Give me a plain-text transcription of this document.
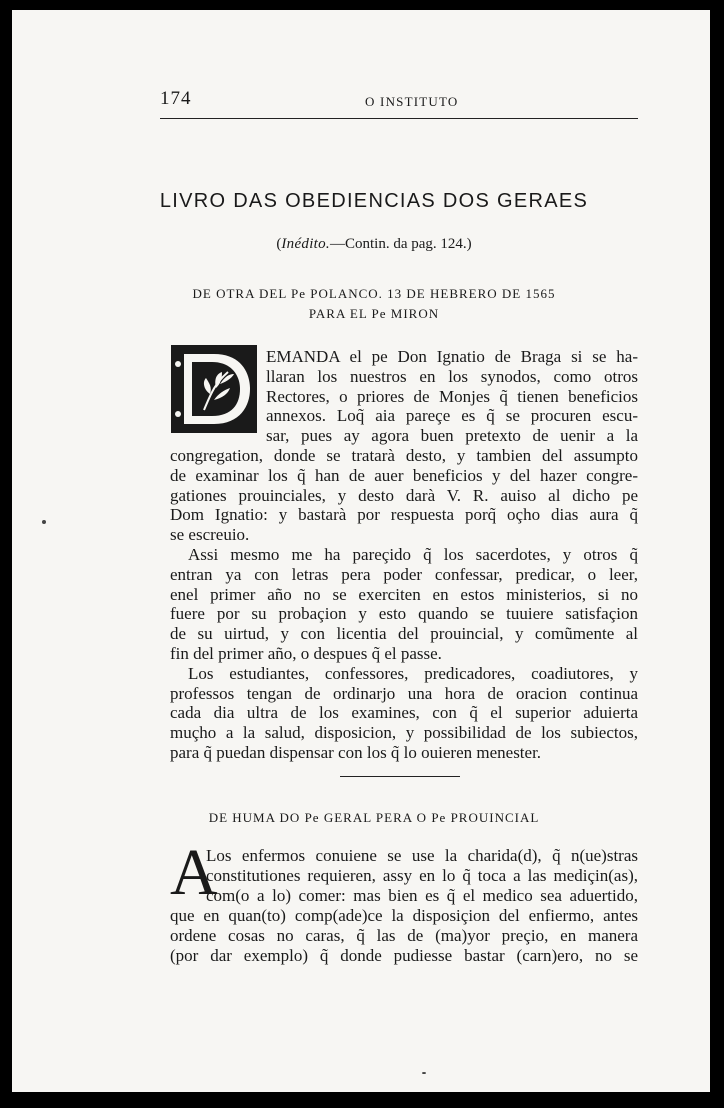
174	O INSTITUTO
LIVRO DAS OBEDIENCIAS DOS GERAES
(Inédito.—Contin. da pag. 124.)
DE OTRA DEL Pe POLANCO. 13 DE HEBRERO DE 1565
PARA EL Pe MIRON
EMANDA el pe Don Ignatio de Braga si se ha-
llaran los nuestros en los synodos, como otros
Rectores, o priores de Monjes q̃ tienen beneficios
annexos. Loq̃ aia pareçe es q̃ se procuren escu-
sar, pues ay agora buen pretexto de uenir a la
congregation, donde se tratarà desto, y tambien del assumpto
de examinar los q̃ han de auer beneficios y del hazer congre-
gationes prouinciales, y desto darà V. R. auiso al dicho pe
Dom Ignatio: y bastarà por respuesta porq̃ oçho dias aura q̃
se escreuio.
Assi mesmo me ha pareçido q̃ los sacerdotes, y otros q̃
entran ya con letras pera poder confessar, predicar, o leer,
enel primer año no se exerciten en estos ministerios, si no
fuere por su probaçion y esto quando se tuuiere satisfaçion
de su uirtud, y con licentia del prouincial, y comũmente al
fin del primer año, o despues q̃ el passe.
Los estudiantes, confessores, predicadores, coadiutores, y
professos tengan de ordinarjo una hora de oracion continua
cada dia ultra de los examines, con q̃ el superior aduierta
muçho a la salud, disposicion, y possibilidad de los subiectos,
para q̃ puedan dispensar con los q̃ lo ouieren menester.
DE HUMA DO Pe GERAL PERA O Pe PROUINCIAL
A
Los enfermos conuiene se use la charida(d), q̃ n(ue)stras
constitutiones requieren, assy en lo q̃ toca a las mediçin(as),
com(o a lo) comer: mas bien es q̃ el medico sea aduertido,
que en quan(to) comp(ade)ce la disposiçion del enfiermo, antes
ordene cosas no caras, q̃ las de (ma)yor preçio, en manera
(por dar exemplo) q̃ donde pudiesse bastar (carn)ero, no se
